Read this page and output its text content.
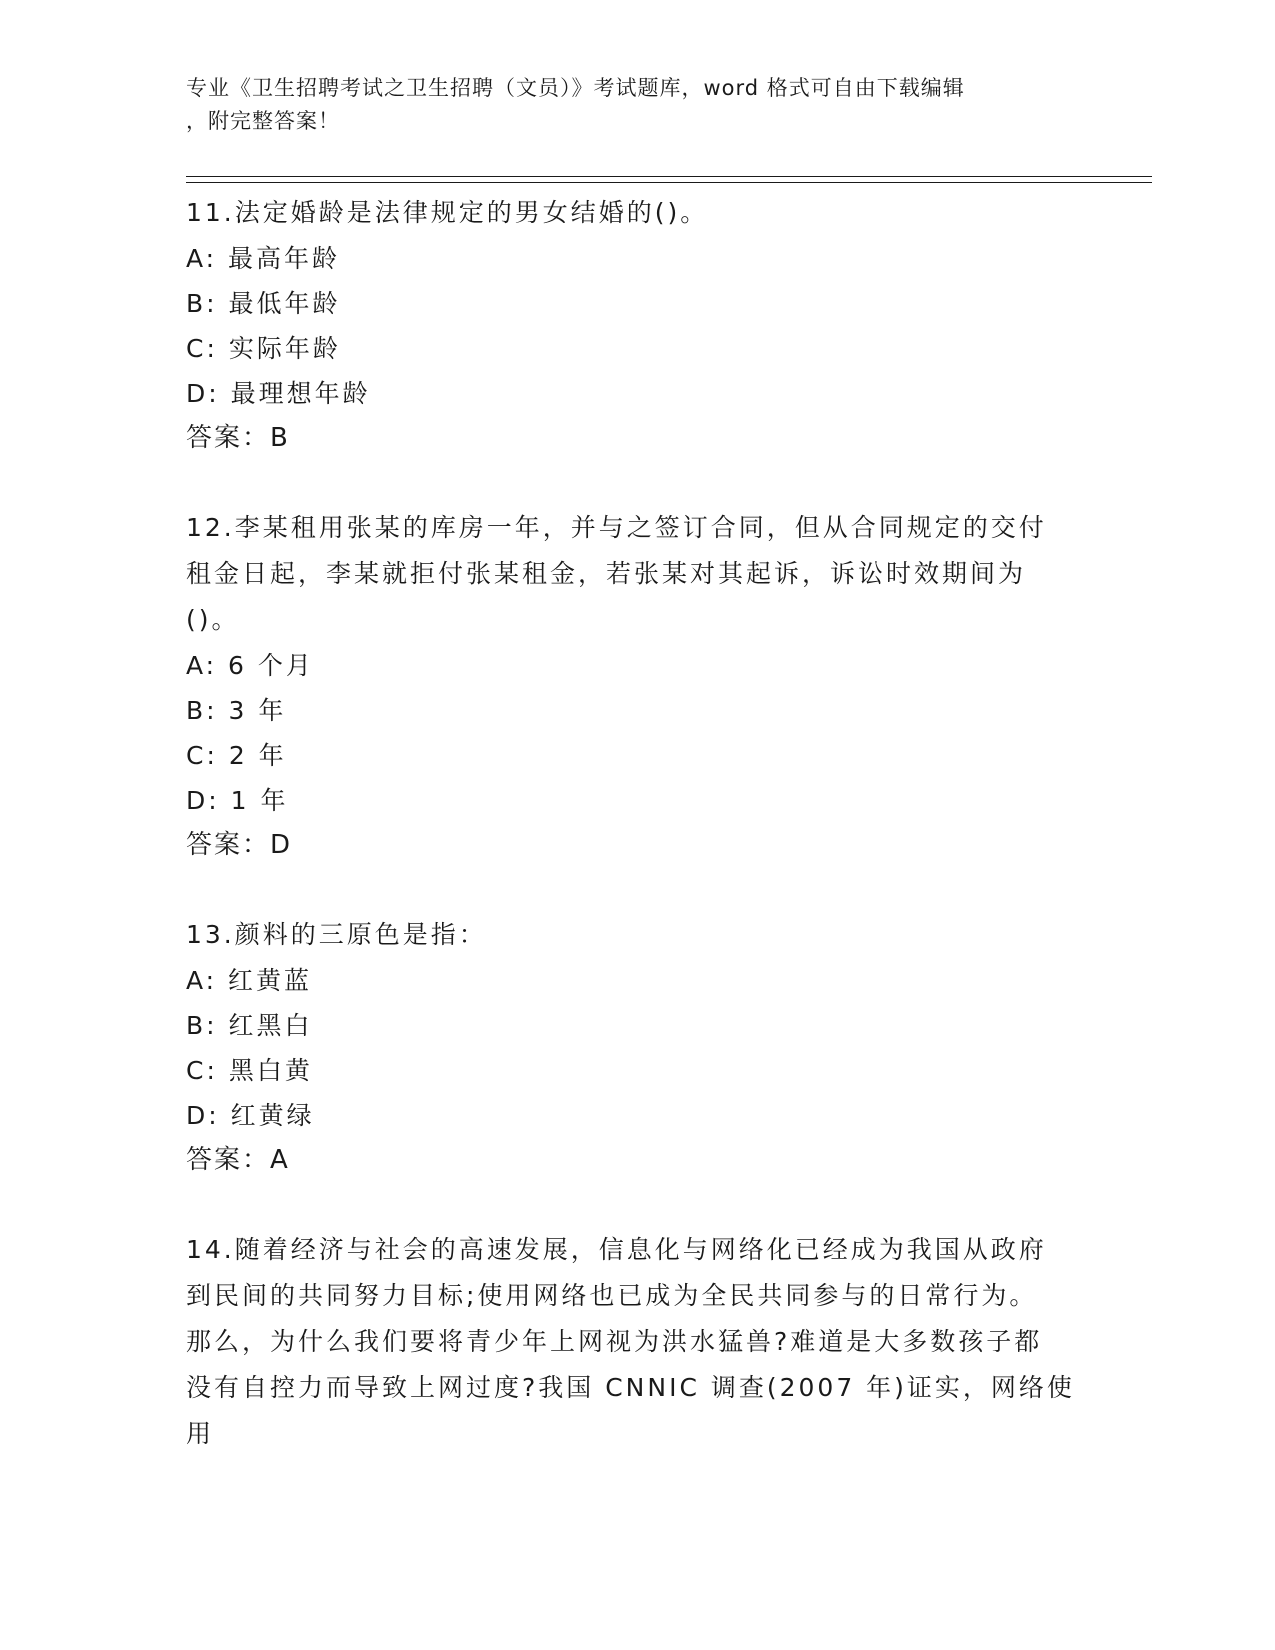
专业《卫生招聘考试之卫生招聘（文员）》考试题库，word 格式可自由下载编辑
，附完整答案！
11.法定婚龄是法律规定的男女结婚的()。
A: 最高年龄
B: 最低年龄
C: 实际年龄
D: 最理想年龄
答案：B
12.李某租用张某的库房一年，并与之签订合同，但从合同规定的交付
租金日起，李某就拒付张某租金，若张某对其起诉，诉讼时效期间为
()。
A: 6 个月
B: 3 年
C: 2 年
D: 1 年
答案：D
13.颜料的三原色是指：
A: 红黄蓝
B: 红黑白
C: 黑白黄
D: 红黄绿
答案：A
14.随着经济与社会的高速发展，信息化与网络化已经成为我国从政府
到民间的共同努力目标;使用网络也已成为全民共同参与的日常行为。
那么，为什么我们要将青少年上网视为洪水猛兽?难道是大多数孩子都
没有自控力而导致上网过度?我国 CNNIC 调查(2007 年)证实，网络使用
